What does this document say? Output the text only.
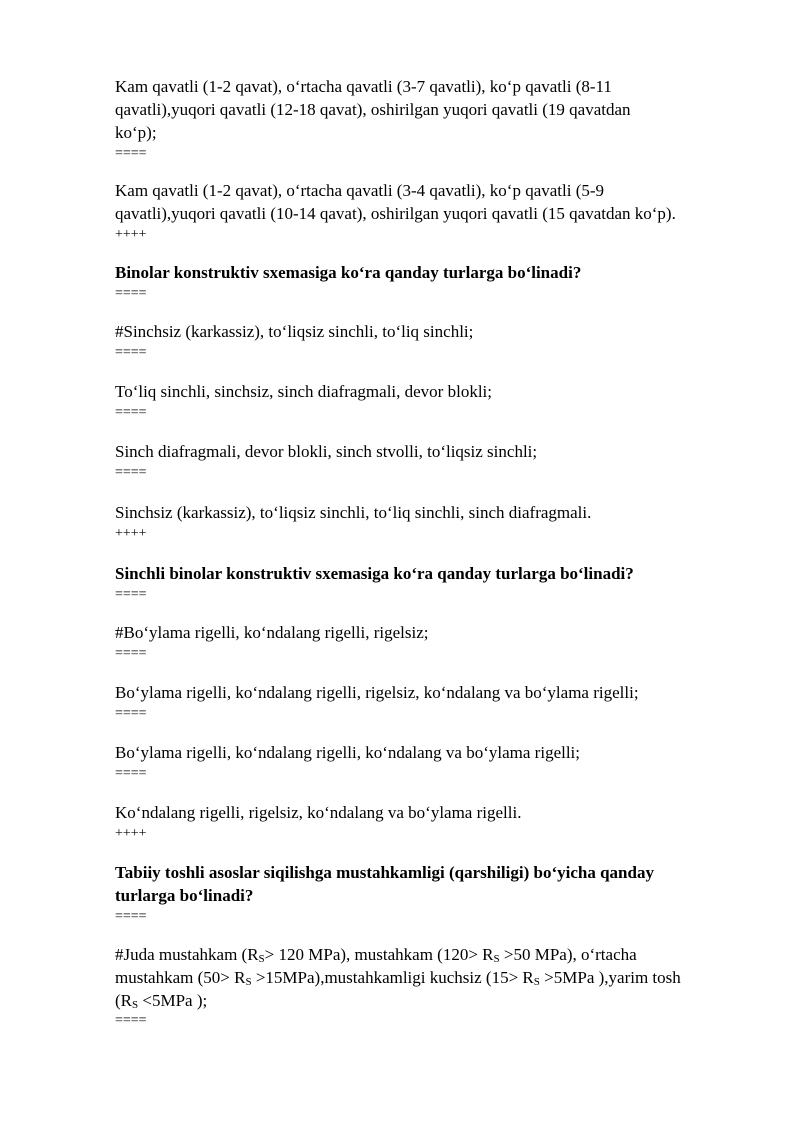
Kam qavatli (1-2 qavat), o‘rtacha qavatli (3-7 qavatli), ko‘p qavatli (8-11
qavatli),yuqori qavatli (12-18 qavat), oshirilgan yuqori qavatli (19 qavatdan
ko‘p);
====
Kam qavatli (1-2 qavat), o‘rtacha qavatli (3-4 qavatli), ko‘p qavatli (5-9
qavatli),yuqori qavatli (10-14 qavat), oshirilgan yuqori qavatli (15 qavatdan ko‘p).
++++
Binolar konstruktiv sxemasiga ko‘ra qanday turlarga bo‘linadi?
====
#Sinchsiz (karkassiz), to‘liqsiz sinchli, to‘liq sinchli;
====
To‘liq sinchli, sinchsiz, sinch diafragmali, devor blokli;
====
Sinch diafragmali, devor blokli, sinch stvolli, to‘liqsiz sinchli;
====
Sinchsiz (karkassiz), to‘liqsiz sinchli, to‘liq sinchli, sinch diafragmali.
++++
Sinchli binolar konstruktiv sxemasiga ko‘ra qanday turlarga bo‘linadi?
====
#Bo‘ylama rigelli, ko‘ndalang rigelli, rigelsiz;
====
Bo‘ylama rigelli, ko‘ndalang rigelli, rigelsiz, ko‘ndalang va bo‘ylama rigelli;
====
Bo‘ylama rigelli, ko‘ndalang rigelli, ko‘ndalang va bo‘ylama rigelli;
====
Ko‘ndalang rigelli, rigelsiz, ko‘ndalang va bo‘ylama rigelli.
++++
Tabiiy toshli asoslar siqilishga mustahkamligi (qarshiligi) bo‘yicha qanday
turlarga bo‘linadi?
====
#Juda mustahkam ($R_S> 120$ MPa), mustahkam ($120> R_S >50$ MPa), o‘rtacha
mustahkam ($50> R_S$ >15MPa),mustahkamligi kuchsiz ($15> R_S >5MPa$ ),yarim tosh
($R_S <5MPa$ );
====
